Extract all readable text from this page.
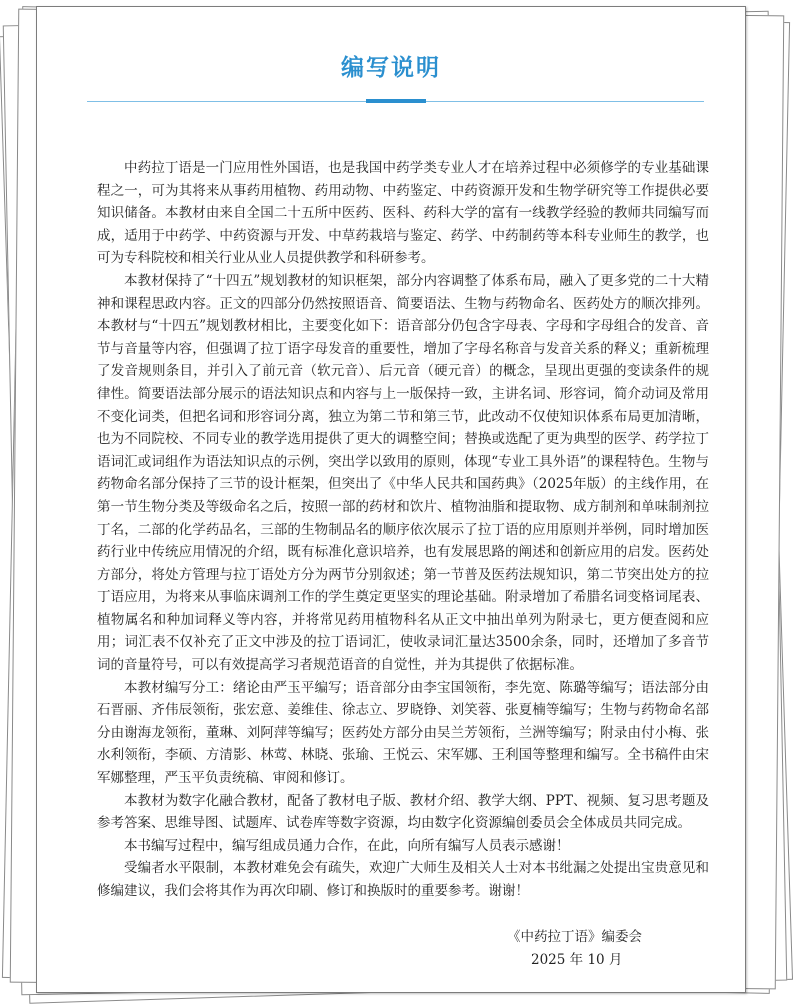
编写说明

中药拉丁语是一门应用性外国语，也是我国中药学类专业人才在培养过程中必须修学的专业基础课程之一，可为其将来从事药用植物、药用动物、中药鉴定、中药资源开发和生物学研究等工作提供必要知识储备。本教材由来自全国二十五所中医药、医科、药科大学的富有一线教学经验的教师共同编写而成，适用于中药学、中药资源与开发、中草药栽培与鉴定、药学、中药制药等本科专业师生的教学，也可为专科院校和相关行业从业人员提供教学和科研参考。

本教材保持了“十四五”规划教材的知识框架，部分内容调整了体系布局，融入了更多党的二十大精神和课程思政内容。正文的四部分仍然按照语音、简要语法、生物与药物命名、医药处方的顺次排列。本教材与“十四五”规划教材相比，主要变化如下：语音部分仍包含字母表、字母和字母组合的发音、音节与音量等内容，但强调了拉丁语字母发音的重要性，增加了字母名称音与发音关系的释义；重新梳理了发音规则条目，并引入了前元音（软元音）、后元音（硬元音）的概念，呈现出更强的变读条件的规律性。简要语法部分展示的语法知识点和内容与上一版保持一致，主讲名词、形容词，简介动词及常用不变化词类，但把名词和形容词分离，独立为第二节和第三节，此改动不仅使知识体系布局更加清晰，也为不同院校、不同专业的教学选用提供了更大的调整空间；替换或选配了更为典型的医学、药学拉丁语词汇或词组作为语法知识点的示例，突出学以致用的原则，体现“专业工具外语”的课程特色。生物与药物命名部分保持了三节的设计框架，但突出了《中华人民共和国药典》（2025年版）的主线作用，在第一节生物分类及等级命名之后，按照一部的药材和饮片、植物油脂和提取物、成方制剂和单味制剂拉丁名，二部的化学药品名，三部的生物制品名的顺序依次展示了拉丁语的应用原则并举例，同时增加医药行业中传统应用情况的介绍，既有标准化意识培养，也有发展思路的阐述和创新应用的启发。医药处方部分，将处方管理与拉丁语处方分为两节分别叙述；第一节普及医药法规知识，第二节突出处方的拉丁语应用，为将来从事临床调剂工作的学生奠定更坚实的理论基础。附录增加了希腊名词变格词尾表、植物属名和种加词释义等内容，并将常见药用植物科名从正文中抽出单列为附录七，更方便查阅和应用；词汇表不仅补充了正文中涉及的拉丁语词汇，使收录词汇量达3500余条，同时，还增加了多音节词的音量符号，可以有效提高学习者规范语音的自觉性，并为其提供了依据标准。

本教材编写分工：绪论由严玉平编写；语音部分由李宝国领衔，李先宽、陈璐等编写；语法部分由石晋丽、齐伟辰领衔，张宏意、姜维佳、徐志立、罗晓铮、刘笑蓉、张夏楠等编写；生物与药物命名部分由谢海龙领衔，董琳、刘阿萍等编写；医药处方部分由吴兰芳领衔，兰洲等编写；附录由付小梅、张水利领衔，李硕、方清影、林莺、林晓、张瑜、王悦云、宋军娜、王利国等整理和编写。全书稿件由宋军娜整理，严玉平负责统稿、审阅和修订。

本教材为数字化融合教材，配备了教材电子版、教材介绍、教学大纲、PPT、视频、复习思考题及参考答案、思维导图、试题库、试卷库等数字资源，均由数字化资源编创委员会全体成员共同完成。

本书编写过程中，编写组成员通力合作，在此，向所有编写人员表示感谢！

受编者水平限制，本教材难免会有疏失，欢迎广大师生及相关人士对本书纰漏之处提出宝贵意见和修编建议，我们会将其作为再次印刷、修订和换版时的重要参考。谢谢！

《中药拉丁语》编委会
2025 年 10 月
